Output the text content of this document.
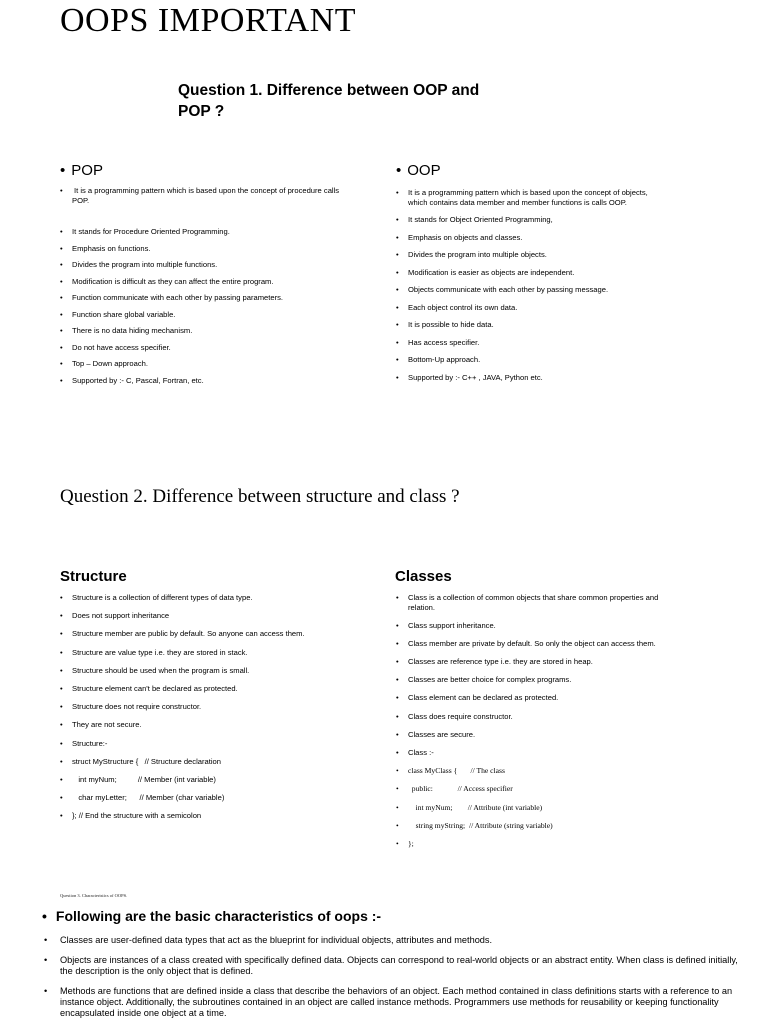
OOPS IMPORTANT
Question 1. Difference between OOP and POP ?
• POP
• It is a programming pattern which is based upon the concept of procedure calls
POP.
• It stands for Procedure Oriented Programming.
• Emphasis on functions.
• Divides the program into multiple functions.
• Modification is difficult as they can affect the entire program.
• Function communicate with each other by passing parameters.
• Function share global variable.
• There is no data hiding mechanism.
• Do not have access specifier.
• Top – Down approach.
• Supported by :- C, Pascal, Fortran, etc.
• OOP
• It is a programming pattern which is based upon the concept of objects,
which contains data member and member functions is calls OOP.
• It stands for Object Oriented Programming,
• Emphasis on objects and classes.
• Divides the program into multiple objects.
• Modification is easier as objects are independent.
• Objects communicate with each other by passing message.
• Each object control its own data.
• It is possible to hide data.
• Has access specifier.
• Bottom-Up approach.
• Supported by :- C++ , JAVA, Python etc.
Question 2. Difference between structure and class ?
Structure	Classes
• Structure is a collection of different types of data type.
• Does not support inheritance
• Structure member are public by default. So anyone can access them.
• Structure are value type i.e. they are stored in stack.
• Structure should be used when the program is small.
• Structure element can't be declared as protected.
• Structure does not require constructor.
• They are not secure.
• Structure:-
• struct MyStructure {   // Structure declaration
• int myNum;          // Member (int variable)
• char myLetter;      // Member (char variable)
• }; // End the structure with a semicolon
• Class is a collection of common objects that share common properties and
relation.
• Class support inheritance.
• Class member are private by default. So only the object can access them.
• Classes are reference type i.e. they are stored in heap.
• Classes are better choice for complex programs.
• Class element can be declared as protected.
• Class does require constructor.
• Classes are secure.
• Class :-
• class MyClass {       // The class
• public:             // Access specifier
• int myNum;        // Attribute (int variable)
• string myString;  // Attribute (string variable)
• };
Question 3. Characteristics of OOPS.
• Following are the basic characteristics of oops :-
• Classes are user-defined data types that act as the blueprint for individual objects, attributes and methods.
• Objects are instances of a class created with specifically defined data. Objects can correspond to real-world objects or an abstract entity. When class is defined initially, the description is the only object that is defined.
• Methods are functions that are defined inside a class that describe the behaviors of an object. Each method contained in class definitions starts with a reference to an instance object. Additionally, the subroutines contained in an object are called instance methods. Programmers use methods for reusability or keeping functionality encapsulated inside one object at a time.
